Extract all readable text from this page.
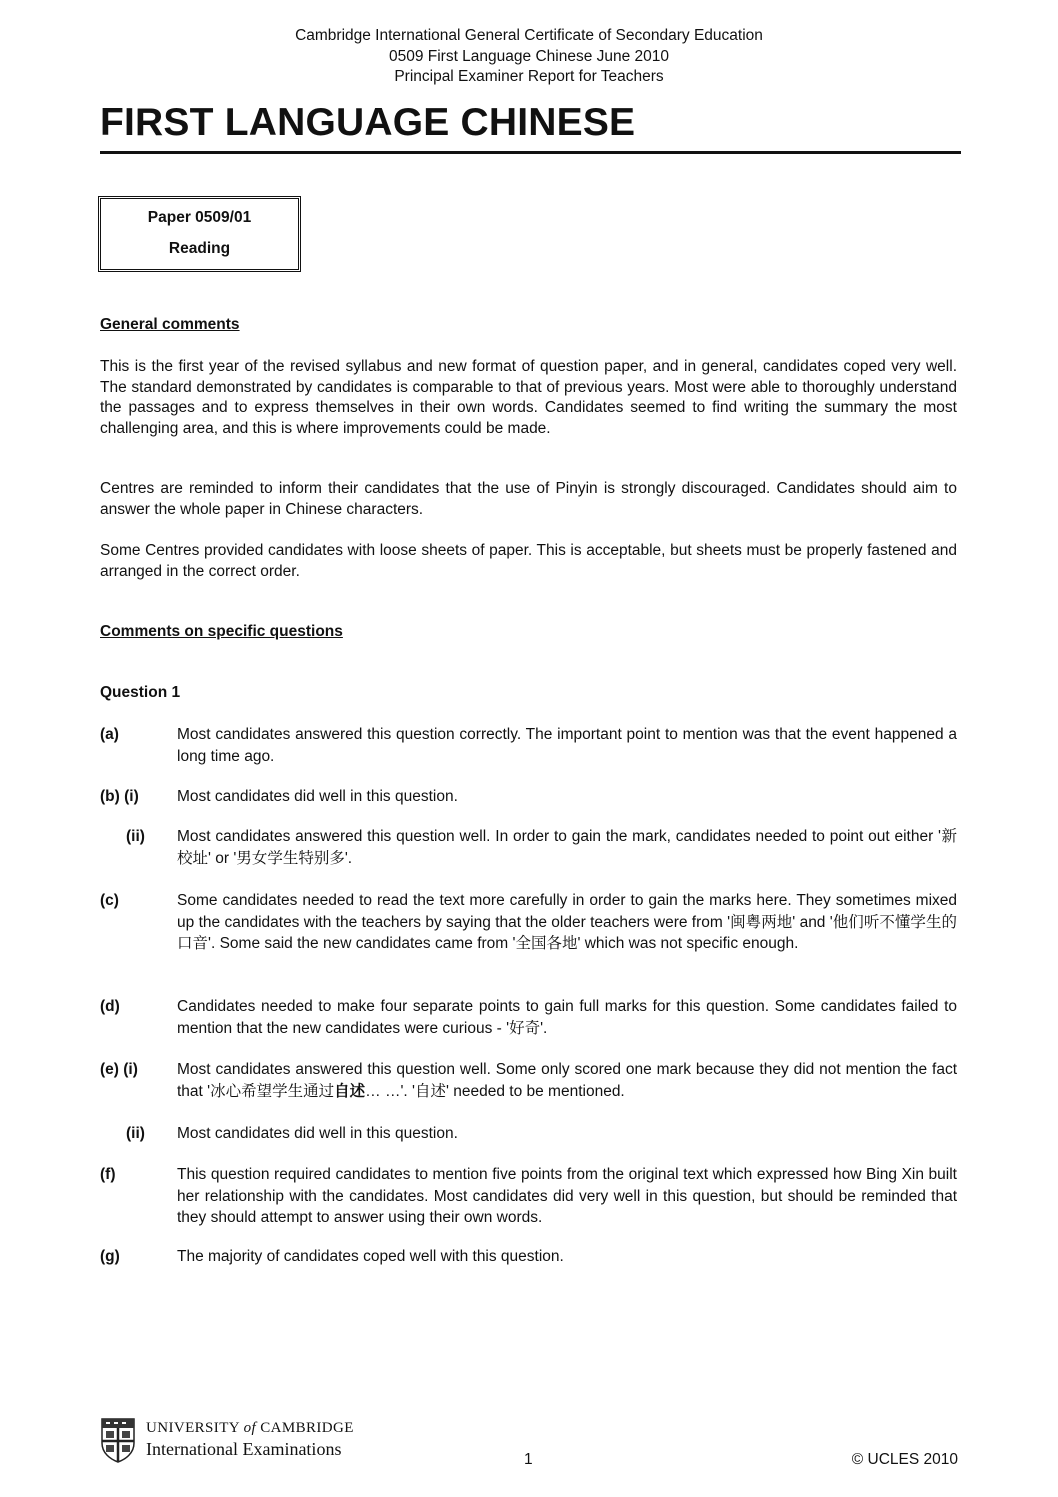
Cambridge International General Certificate of Secondary Education
0509 First Language Chinese June 2010
Principal Examiner Report for Teachers
FIRST LANGUAGE CHINESE
Paper 0509/01
Reading
General comments
This is the first year of the revised syllabus and new format of question paper, and in general, candidates coped very well. The standard demonstrated by candidates is comparable to that of previous years. Most were able to thoroughly understand the passages and to express themselves in their own words. Candidates seemed to find writing the summary the most challenging area, and this is where improvements could be made.
Centres are reminded to inform their candidates that the use of Pinyin is strongly discouraged. Candidates should aim to answer the whole paper in Chinese characters.
Some Centres provided candidates with loose sheets of paper. This is acceptable, but sheets must be properly fastened and arranged in the correct order.
Comments on specific questions
Question 1
(a)	Most candidates answered this question correctly. The important point to mention was that the event happened a long time ago.
(b) (i) Most candidates did well in this question.
(ii) Most candidates answered this question well. In order to gain the mark, candidates needed to point out either '新校址' or '男女学生特别多'.
(c)	Some candidates needed to read the text more carefully in order to gain the marks here. They sometimes mixed up the candidates with the teachers by saying that the older teachers were from '闽粤两地' and '他们听不懂学生的口音'. Some said the new candidates came from '全国各地' which was not specific enough.
(d)	Candidates needed to make four separate points to gain full marks for this question. Some candidates failed to mention that the new candidates were curious - '好奇'.
(e) (i)	Most candidates answered this question well. Some only scored one mark because they did not mention the fact that '冰心希望学生通过自述… …'. '自述' needed to be mentioned.
(ii) Most candidates did well in this question.
(f)	This question required candidates to mention five points from the original text which expressed how Bing Xin built her relationship with the candidates. Most candidates did very well in this question, but should be reminded that they should attempt to answer using their own words.
(g)	The majority of candidates coped well with this question.
UNIVERSITY of CAMBRIDGE
International Examinations
1	© UCLES 2010
